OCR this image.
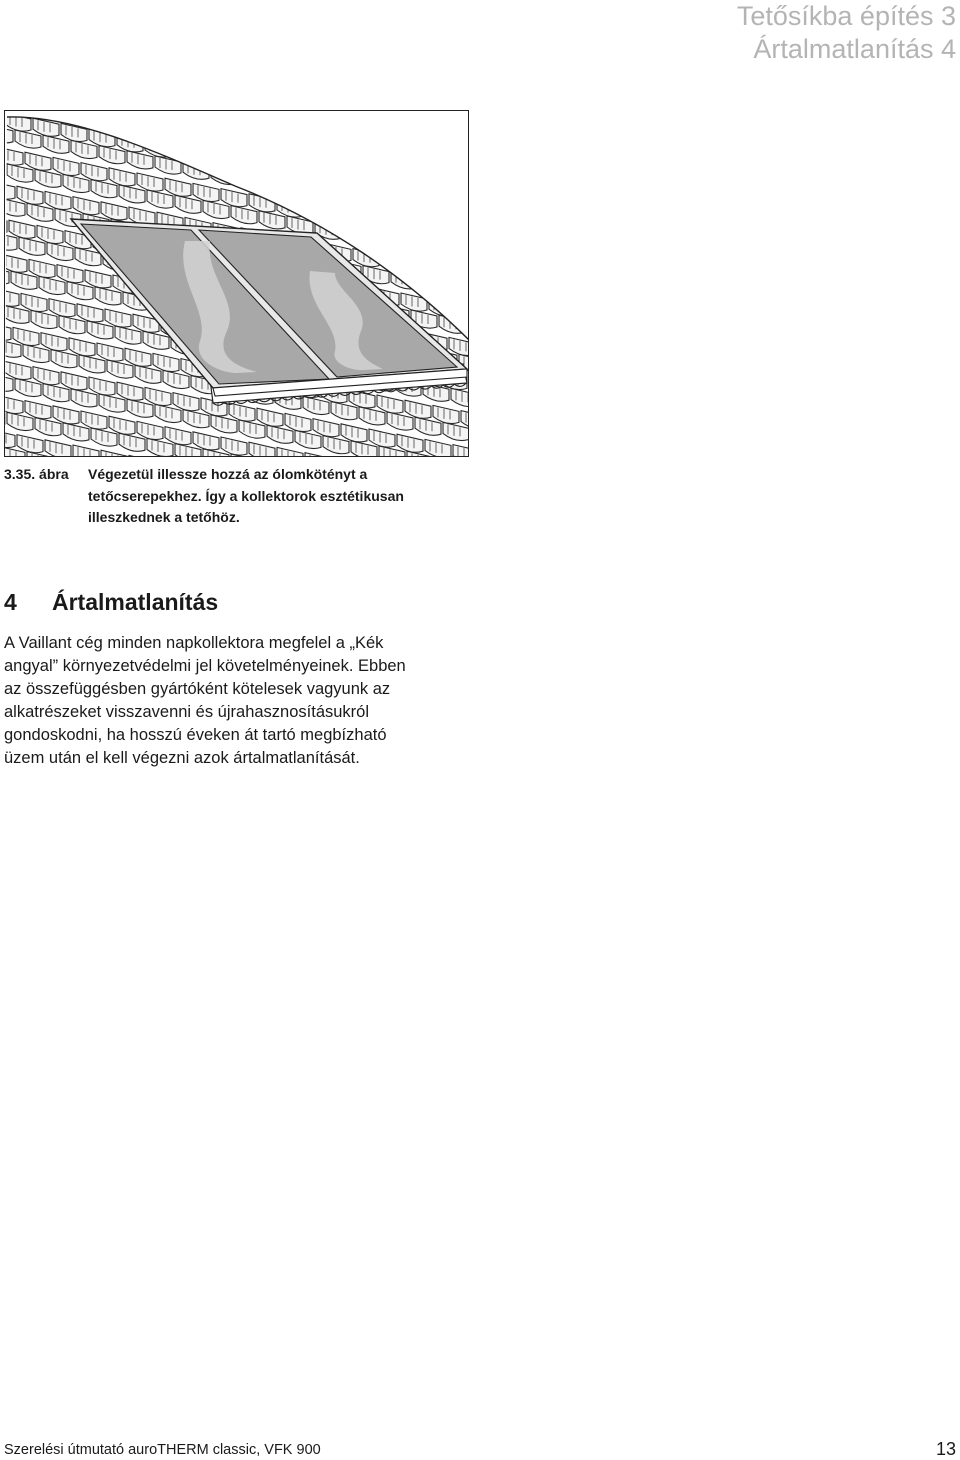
Tetősíkba építés 3
Ártalmatlanítás 4
3.35. ábra	Végezetül illessze hozzá az ólomkötényt a
tetőcserepekhez. Így a kollektorok esztétikusan
illeszkednek a tetőhöz.
4 Ártalmatlanítás
A Vaillant cég minden napkollektora megfelel a „Kék
angyal” környezetvédelmi jel követelményeinek. Ebben
az összefüggésben gyártóként kötelesek vagyunk az
alkatrészeket visszavenni és újrahasznosításukról
gondoskodni, ha hosszú éveken át tartó megbízható
üzem után el kell végezni azok ártalmatlanítását.
Szerelési útmutató auroTHERM classic, VFK 900	13
